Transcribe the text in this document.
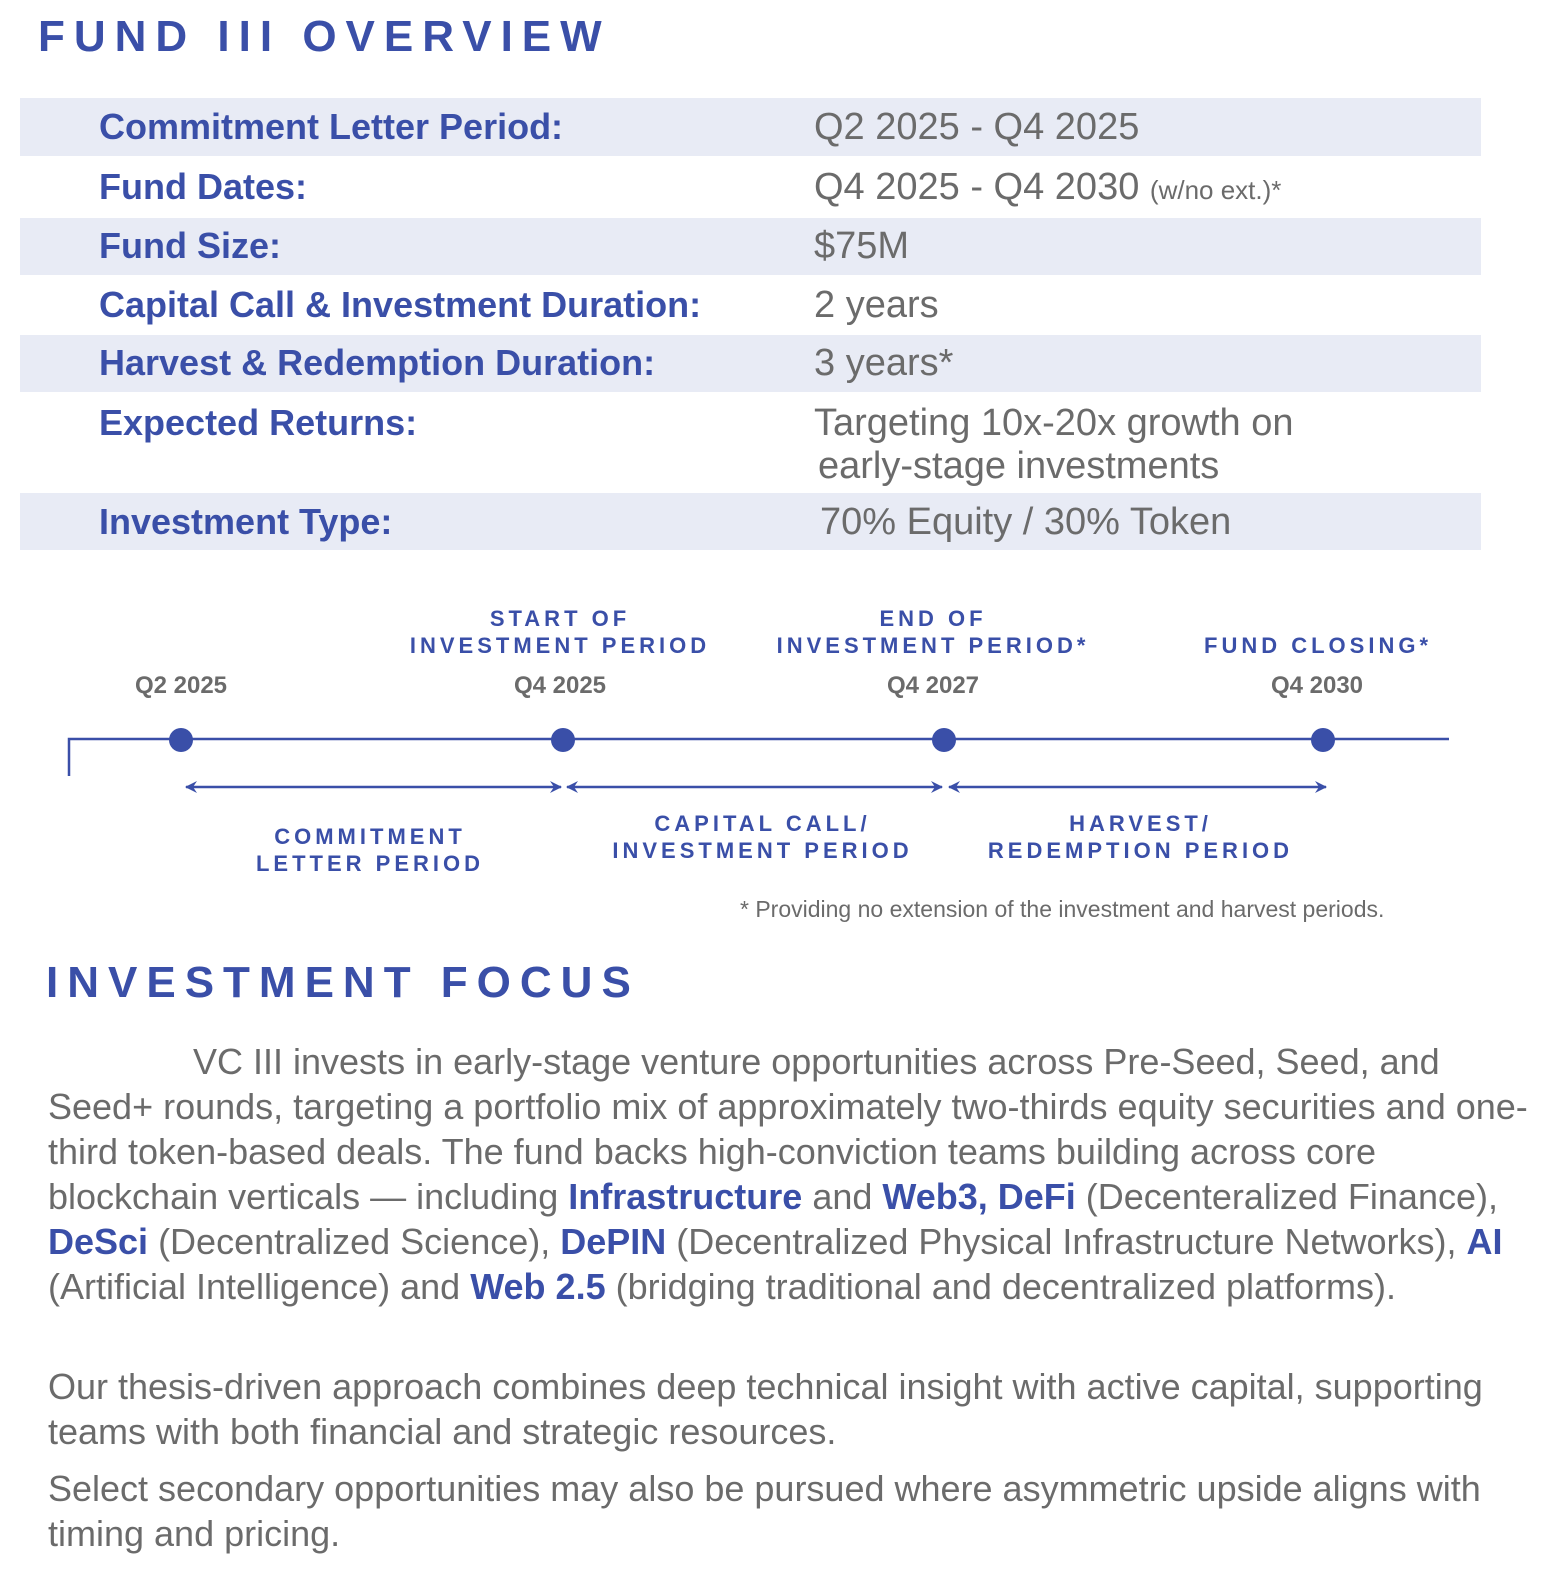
FUND III OVERVIEW
Commitment Letter Period:	Q2 2025 - Q4 2025
Fund Dates:	Q4 2025 - Q4 2030 (w/no ext.)*
Fund Size:	$75M
Capital Call & Investment Duration:	2 years
Harvest & Redemption Duration:	3 years*
Expected Returns:	Targeting 10x-20x growth on
early-stage investments
Investment Type:	70% Equity / 30% Token
START OF
INVESTMENT PERIOD
END OF
INVESTMENT PERIOD*	FUND CLOSING*
Q2 2025	Q4 2025	Q4 2027	Q4 2030
COMMITMENT
LETTER PERIOD
CAPITAL CALL/
INVESTMENT PERIOD
HARVEST/
REDEMPTION PERIOD
* Providing no extension of the investment and harvest periods.
INVESTMENT FOCUS

VC III invests in early-stage venture opportunities across Pre-Seed, Seed, and Seed+ rounds, targeting a portfolio mix of approximately two-thirds equity securities and one-third token-based deals. The fund backs high-conviction teams building across core blockchain verticals — including Infrastructure and Web3, DeFi (Decenteralized Finance), DeSci (Decentralized Science), DePIN (Decentralized Physical Infrastructure Networks), AI (Artificial Intelligence) and Web 2.5 (bridging traditional and decentralized platforms).

Our thesis-driven approach combines deep technical insight with active capital, supporting teams with both financial and strategic resources.

Select secondary opportunities may also be pursued where asymmetric upside aligns with timing and pricing.
